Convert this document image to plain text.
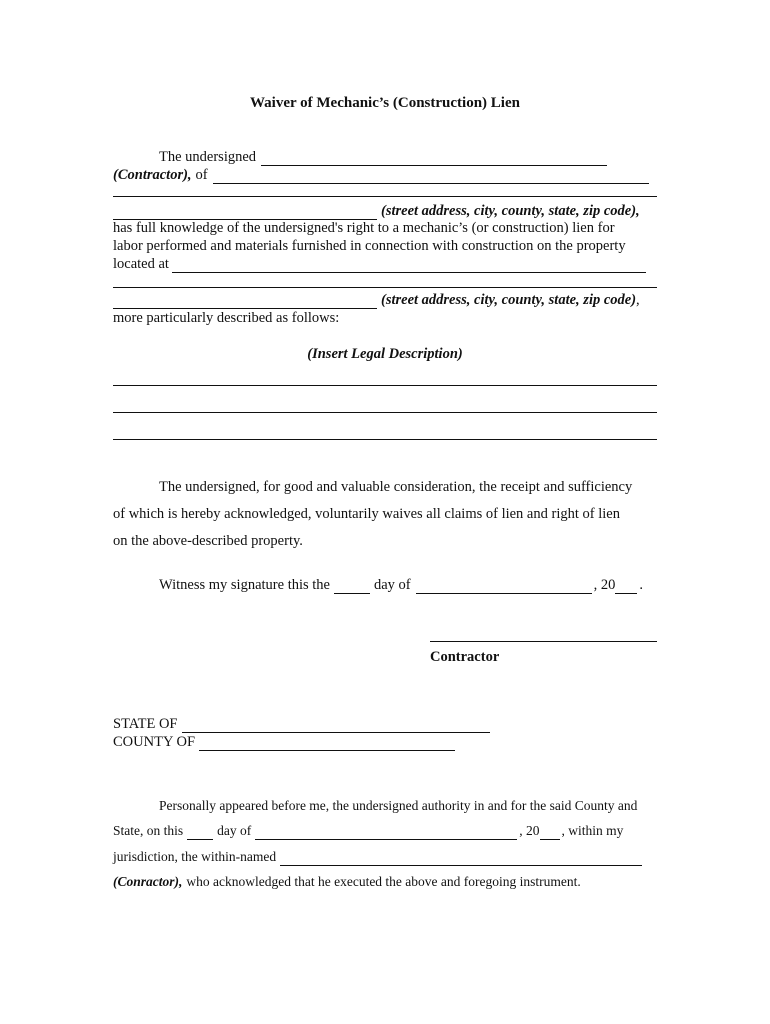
Waiver of Mechanic’s (Construction) Lien
The undersigned
(Contractor), of
(street address, city, county, state, zip code),
has full knowledge of the undersigned's right to a mechanic’s (or construction) lien for
labor performed and materials furnished in connection with construction on the property
located at
(street address, city, county, state, zip code) ,
more particularly described as follows:
(Insert Legal Description)
The undersigned, for good and valuable consideration, the receipt and sufficiency
of which is hereby acknowledged, voluntarily waives all claims of lien and right of lien
on the above-described property.
Witness my signature this the	day of	, 20 .
Contractor
STATE OF
COUNTY OF
Personally appeared before me, the undersigned authority in and for the said County and
State, on this	day of	, 20 , within my
jurisdiction, the within-named
(Conractor), who acknowledged that he executed the above and foregoing instrument.
